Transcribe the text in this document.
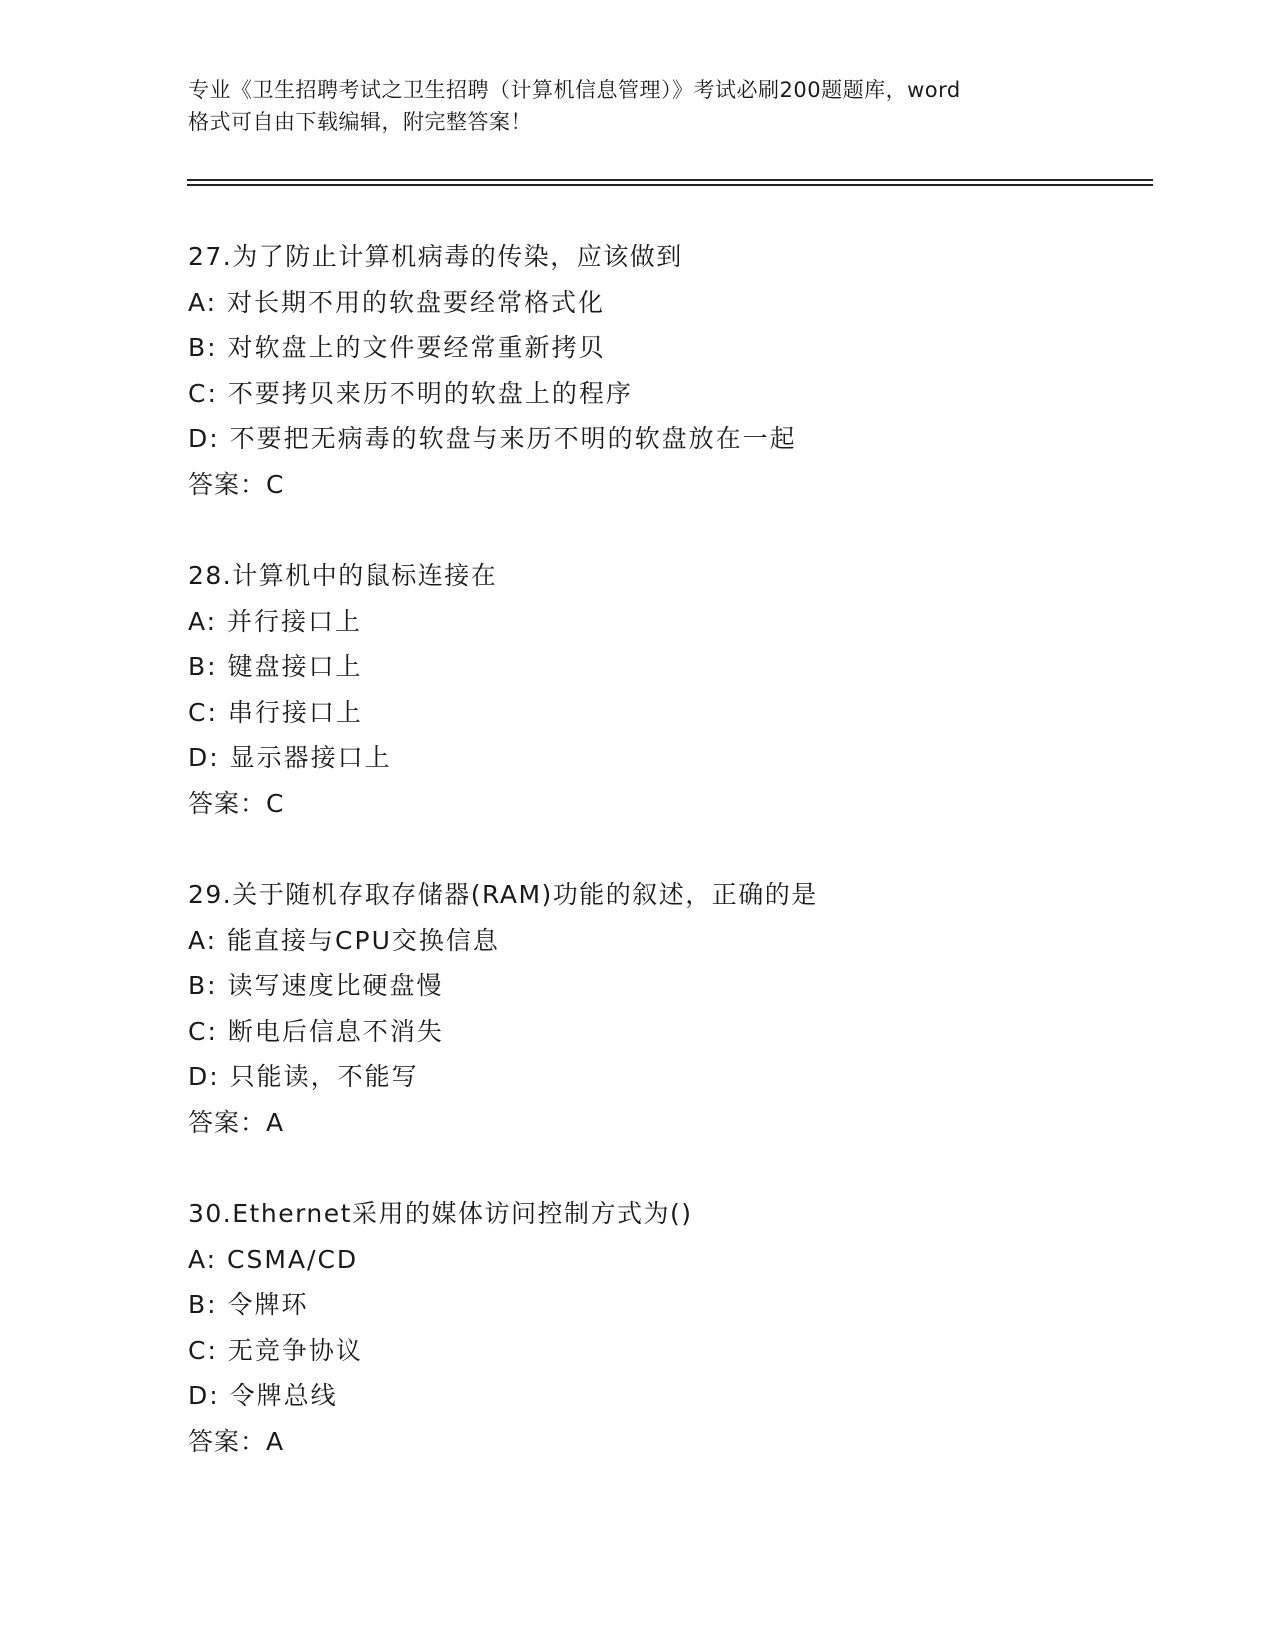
专业《卫生招聘考试之卫生招聘（计算机信息管理）》考试必刷200题题库，word
格式可自由下载编辑，附完整答案！
27.为了防止计算机病毒的传染，应该做到
A: 对长期不用的软盘要经常格式化
B: 对软盘上的文件要经常重新拷贝
C: 不要拷贝来历不明的软盘上的程序
D: 不要把无病毒的软盘与来历不明的软盘放在一起
答案：C
28.计算机中的鼠标连接在
A: 并行接口上
B: 键盘接口上
C: 串行接口上
D: 显示器接口上
答案：C
29.关于随机存取存储器(RAM)功能的叙述，正确的是
A: 能直接与CPU交换信息
B: 读写速度比硬盘慢
C: 断电后信息不消失
D: 只能读，不能写
答案：A
30.Ethernet采用的媒体访问控制方式为()
A: CSMA/CD
B: 令牌环
C: 无竞争协议
D: 令牌总线
答案：A
